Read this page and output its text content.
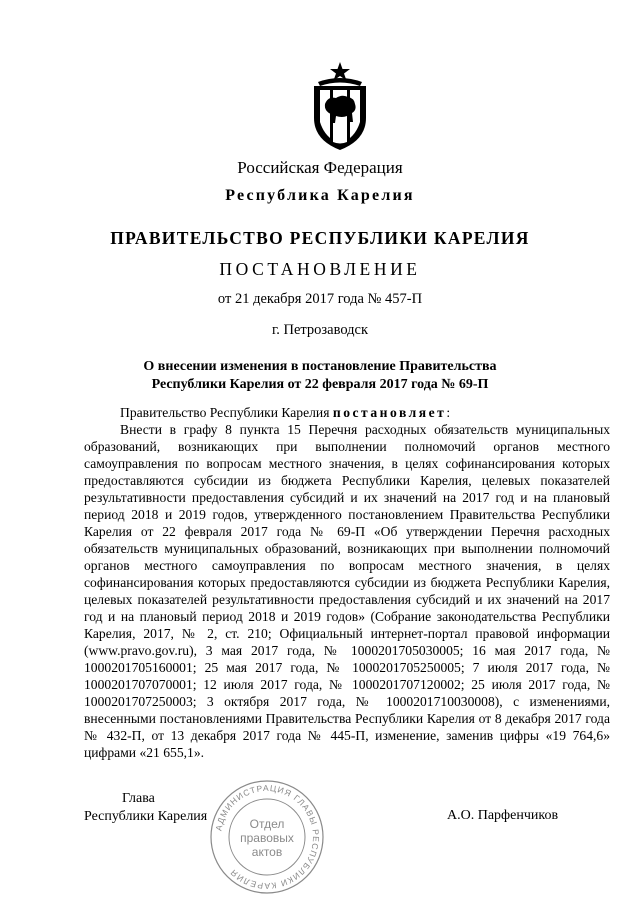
Российская Федерация
Республика Карелия
ПРАВИТЕЛЬСТВО РЕСПУБЛИКИ КАРЕЛИЯ
ПОСТАНОВЛЕНИЕ
от 21 декабря 2017 года № 457-П
г. Петрозаводск
О внесении изменения в постановление Правительства
Республики Карелия от 22 февраля 2017 года № 69-П

Правительство Республики Карелия постановляет:

Внести в графу 8 пункта 15 Перечня расходных обязательств муниципальных образований, возникающих при выполнении полномочий органов местного самоуправления по вопросам местного значения, в целях софинансирования которых предоставляются субсидии из бюджета Республики Карелия, целевых показателей результативности предоставления субсидий и их значений на 2017 год и на плановый период 2018 и 2019 годов, утвержденного постановлением Правительства Республики Карелия от 22 февраля 2017 года № 69-П «Об утверждении Перечня расходных обязательств муниципальных образований, возникающих при выполнении полномочий органов местного самоуправления по вопросам местного значения, в целях софинансирования которых предоставляются субсидии из бюджета Республики Карелия, целевых показателей результативности предоставления субсидий и их значений на 2017 год и на плановый период 2018 и 2019 годов» (Собрание законодательства Республики Карелия, 2017, № 2, ст. 210; Официальный интернет-портал правовой информации (www.pravo.gov.ru), 3 мая 2017 года, № 1000201705030005; 16 мая 2017 года, № 1000201705160001; 25 мая 2017 года, № 1000201705250005; 7 июля 2017 года, № 1000201707070001; 12 июля 2017 года, № 1000201707120002; 25 июля 2017 года, № 1000201707250003; 3 октября 2017 года, № 1000201710030008), с изменениями, внесенными постановлениями Правительства Республики Карелия от 8 декабря 2017 года № 432-П, от 13 декабря 2017 года № 445-П, изменение, заменив цифры «19 764,6» цифрами «21 655,1».

Глава
Республики Карелия	А.О. Парфенчиков
АДМИНИСТРАЦИЯ ГЛАВЫ РЕСПУБЛИКИ КАРЕЛИЯ
Отдел
правовых
актов
